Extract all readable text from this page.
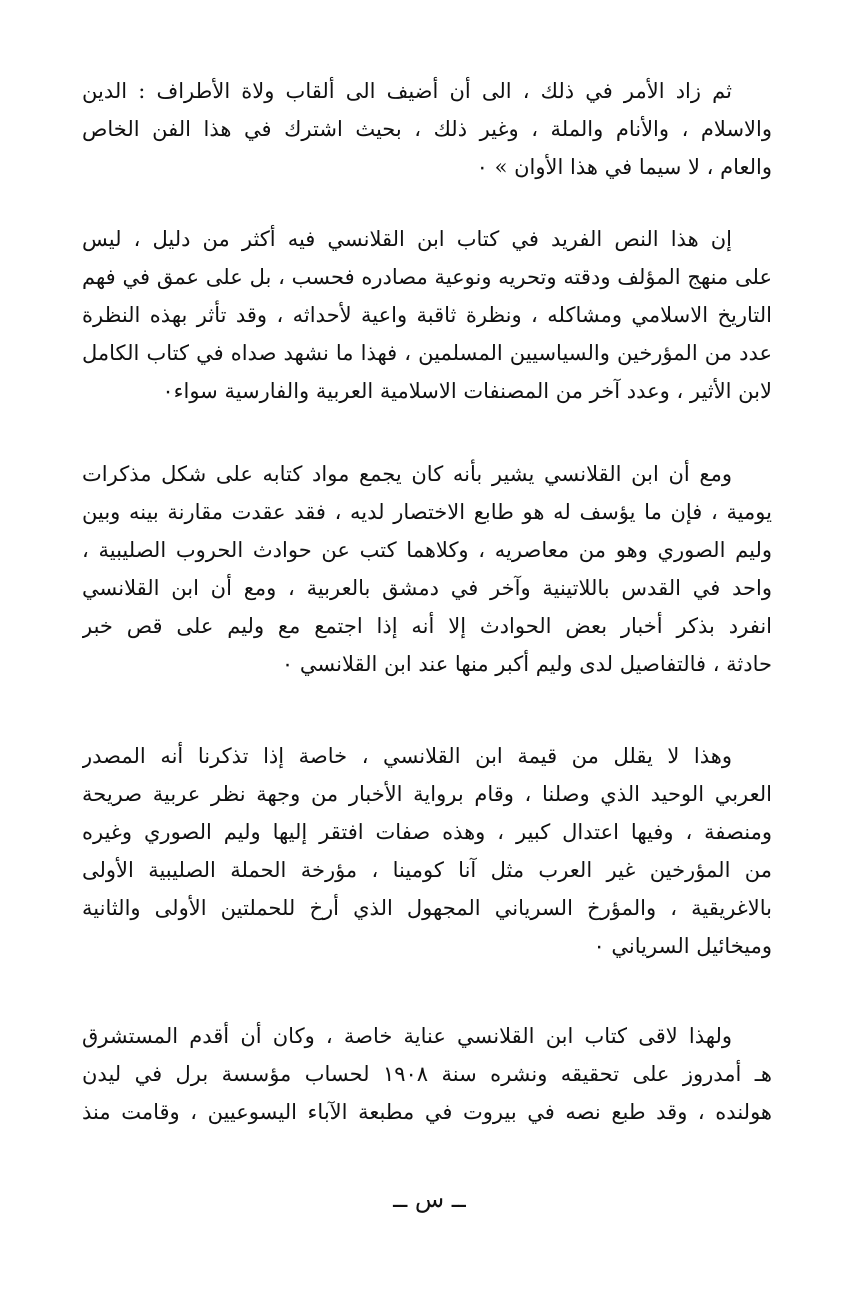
ثم زاد الأمر في ذلك ، الى أن أضيف الى ألقاب ولاة الأطراف : الدين
والاسلام ، والأنام والملة ، وغير ذلك ، بحيث اشترك في هذا الفن الخاص
والعام ، لا سيما في هذا الأوان » ٠
إن هذا النص الفريد في كتاب ابن القلانسي فيه أكثر من دليل ، ليس
على منهج المؤلف ودقته وتحريه ونوعية مصادره فحسب ، بل على عمق في فهم
التاريخ الاسلامي ومشاكله ، ونظرة ثاقبة واعية لأحداثه ، وقد تأثر بهذه النظرة
عدد من المؤرخين والسياسيين المسلمين ، فهذا ما نشهد صداه في كتاب الكامل
لابن الأثير ، وعدد آخر من المصنفات الاسلامية العربية والفارسية سواء٠
ومع أن ابن القلانسي يشير بأنه كان يجمع مواد كتابه على شكل مذكرات
يومية ، فإن ما يؤسف له هو طابع الاختصار لديه ، فقد عقدت مقارنة بينه وبين
وليم الصوري وهو من معاصريه ، وكلاهما كتب عن حوادث الحروب الصليبية ،
واحد في القدس باللاتينية وآخر في دمشق بالعربية ، ومع أن ابن القلانسي
انفرد بذكر أخبار بعض الحوادث إلا أنه إذا اجتمع مع وليم على قص خبر
حادثة ، فالتفاصيل لدى وليم أكبر منها عند ابن القلانسي ٠
وهذا لا يقلل من قيمة ابن القلانسي ، خاصة إذا تذكرنا أنه المصدر
العربي الوحيد الذي وصلنا ، وقام برواية الأخبار من وجهة نظر عربية صريحة
ومنصفة ، وفيها اعتدال كبير ، وهذه صفات افتقر إليها وليم الصوري وغيره
من المؤرخين غير العرب مثل آنا كومينا ، مؤرخة الحملة الصليبية الأولى
بالاغريقية ، والمؤرخ السرياني المجهول الذي أرخ للحملتين الأولى والثانية
وميخائيل السرياني ٠
ولهذا لاقى كتاب ابن القلانسي عناية خاصة ، وكان أن أقدم المستشرق
هـ أمدروز على تحقيقه ونشره سنة ١٩٠٨ لحساب مؤسسة برل في ليدن
هولنده ، وقد طبع نصه في بيروت في مطبعة الآباء اليسوعيين ، وقامت منذ
ــ س ــ
